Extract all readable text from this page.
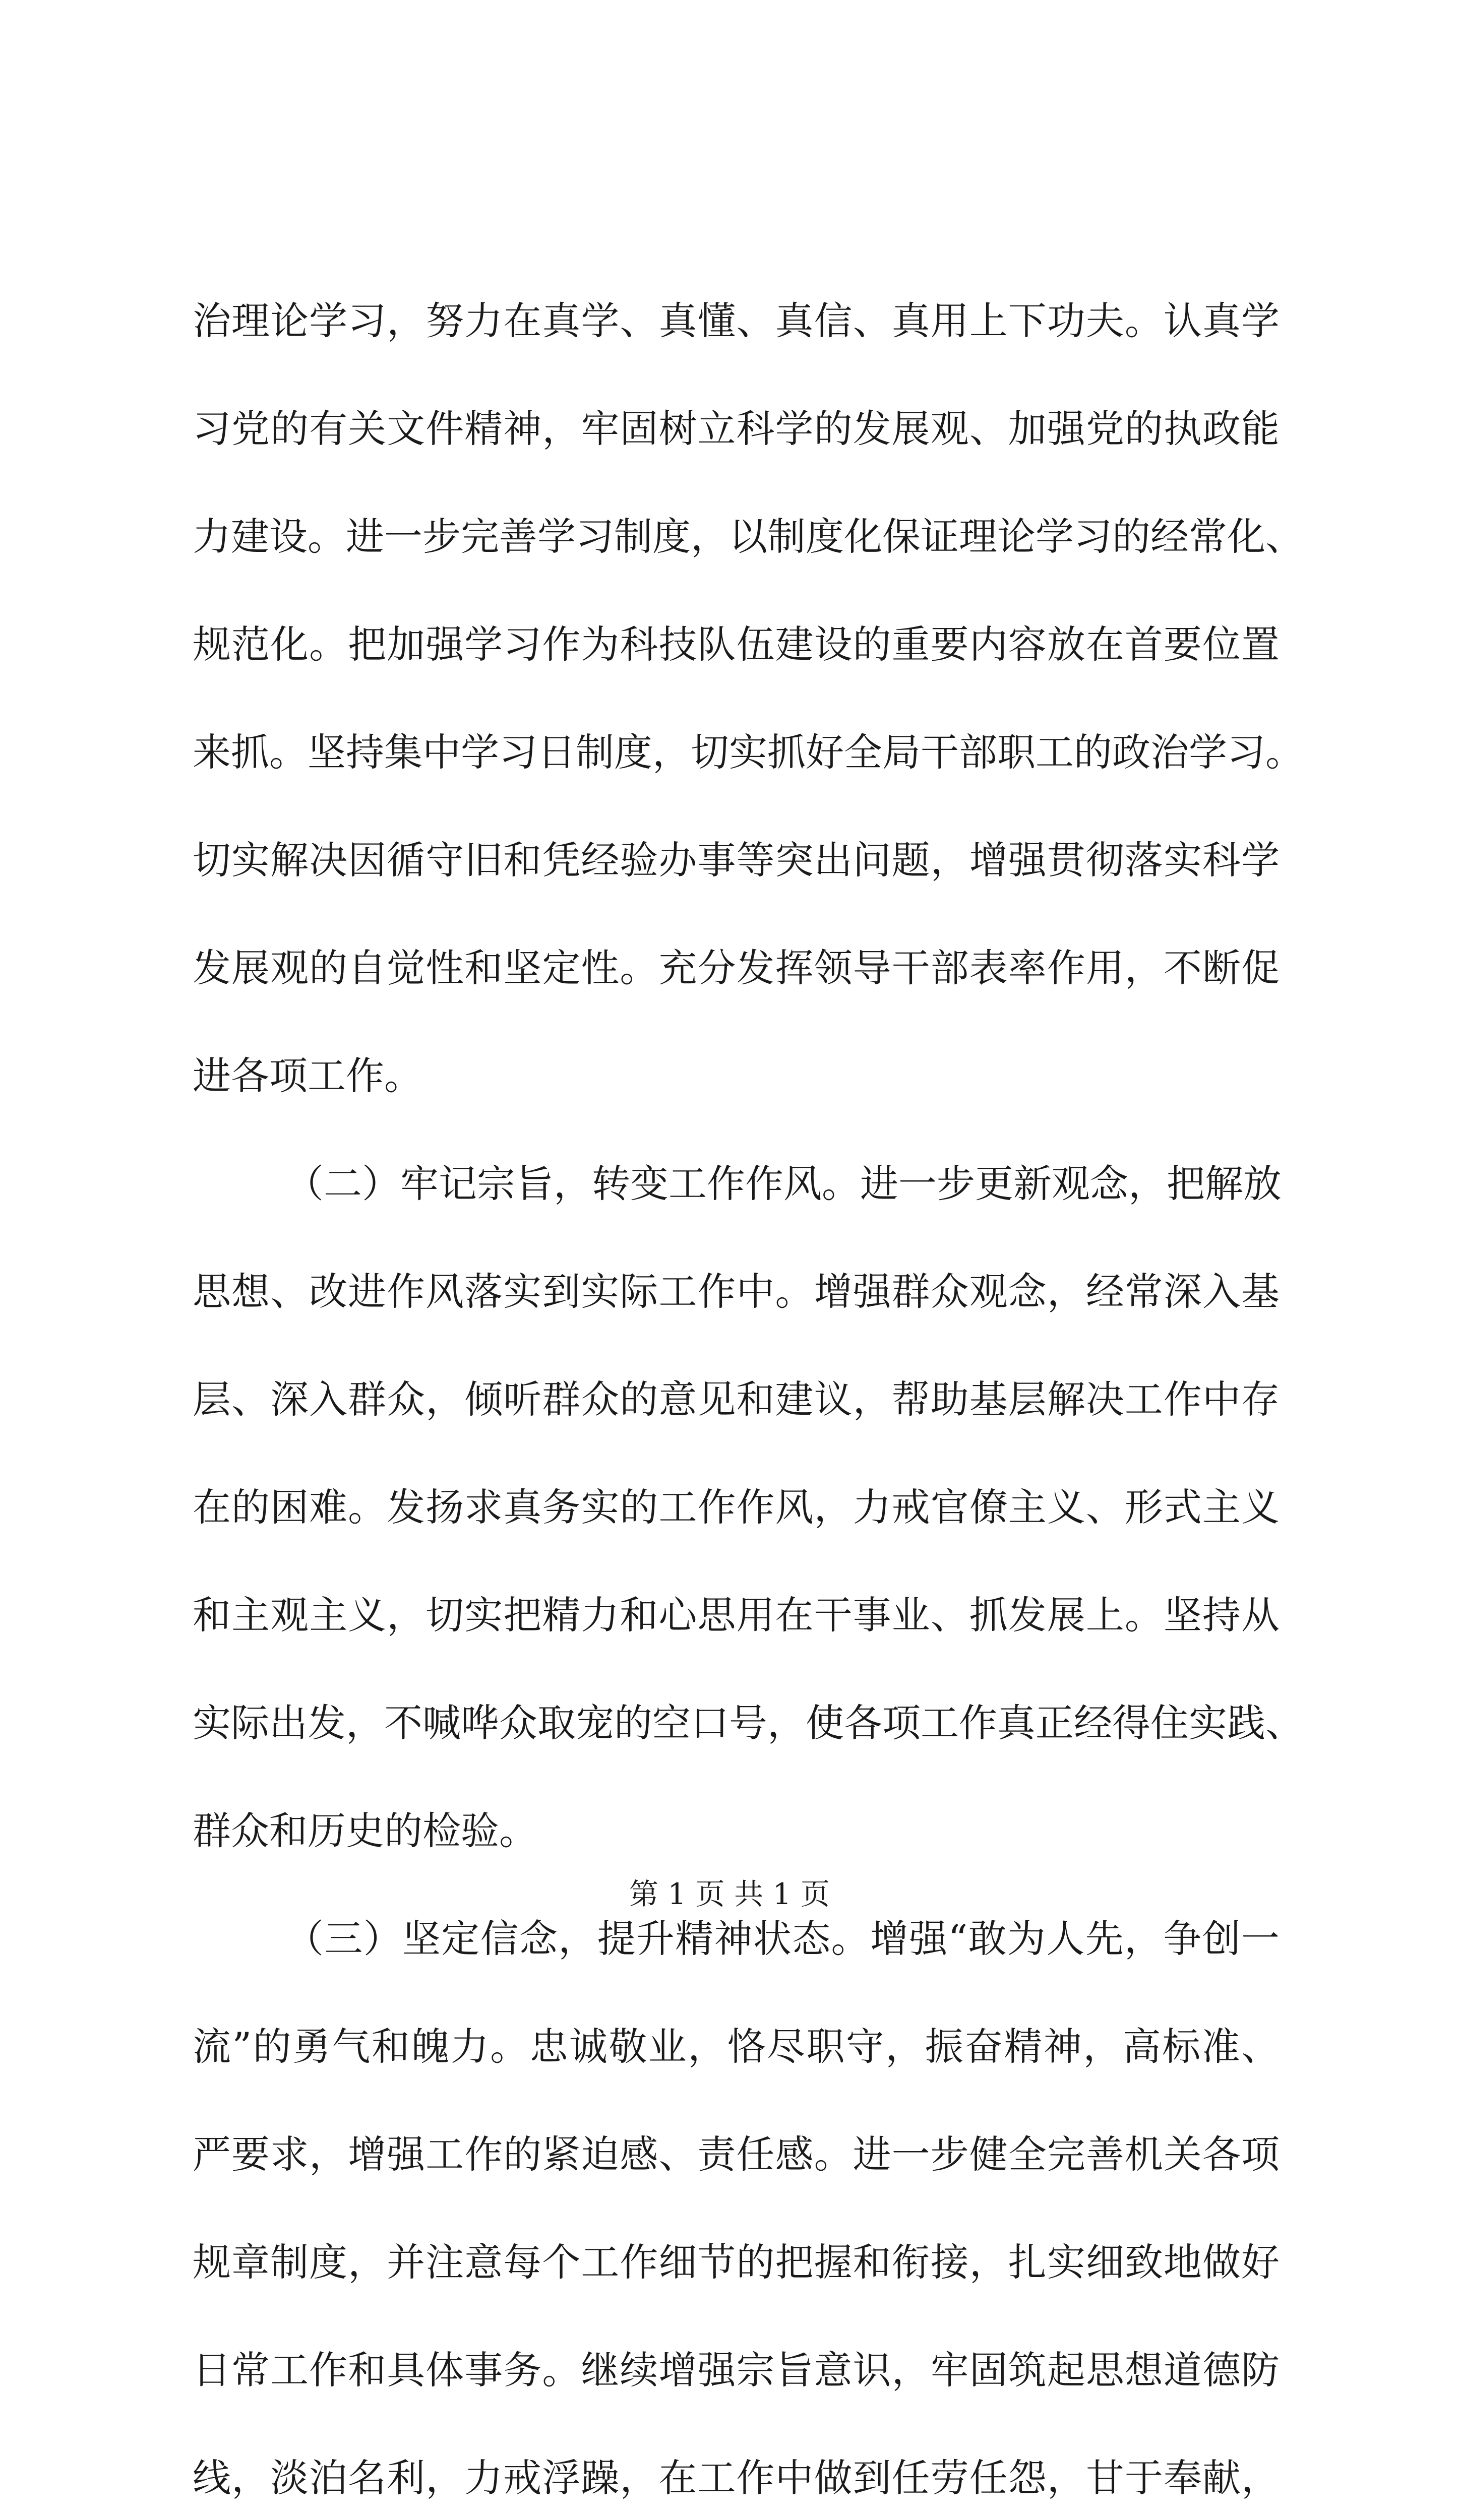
治理论学习，努力在真学、真懂、真信、真用上下功夫。认真学
习党的有关文件精神，牢固树立科学的发展观、加强党的执政能
力建设。进一步完善学习制度，以制度化保证理论学习的经常化、
规范化。把加强学习作为科技队伍建设的重要内容放在首要位置
来抓。坚持集中学习日制度，切实抓好全局干部职工的政治学习。
切实解决因循守旧和凭经验办事等突出问题，增强贯彻落实科学
发展观的自觉性和坚定性。充分发挥领导干部表率作用，不断促
进各项工作。
（二）牢记宗旨，转变工作作风。进一步更新观念，把解放
思想、改进作风落实到实际工作中。增强群众观念，经常深入基
层、深入群众，倾听群众的意见和建议，帮助基层解决工作中存
在的困难。发扬求真务实的工作作风，力戒官僚主义、形式主义
和主观主义，切实把精力和心思用在干事业、抓发展上。坚持从
实际出发，不喊哗众取宠的空口号，使各项工作真正经得住实践、
群众和历史的检验。
（三）坚定信念，提升精神状态。增强“敢为人先，争创一
流”的勇气和魄力。忠诚敬业，恪尽职守，振奋精神，高标准、
严要求，增强工作的紧迫感、责任感。进一步健全完善机关各项
规章制度，并注意每个工作细节的把握和衔接，扎实细致地做好
日常工作和具体事务。继续增强宗旨意识，牢固筑起思想道德防
线，淡泊名利，力戒浮躁，在工作中做到任劳任怨，甘于奉献，
第 1 页 共 1 页
